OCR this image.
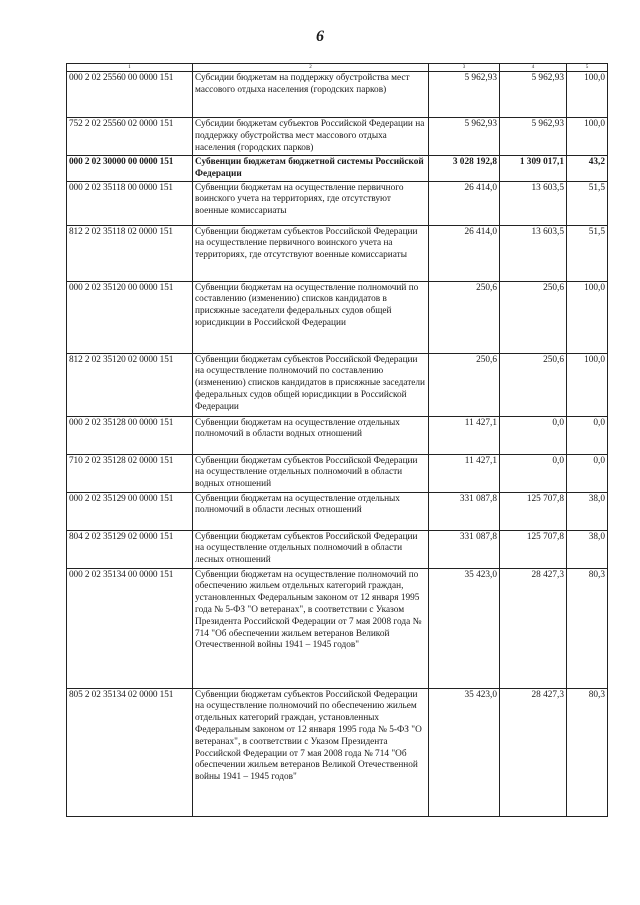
6
1	2	3	4	5
000 2 02 25560 00 0000 151	Субсидии бюджетам на поддержку обустройства мест массового отдыха населения (городских парков)	5 962,93	5 962,93	100,0
752 2 02 25560 02 0000 151	Субсидии бюджетам субъектов Российской Федерации на поддержку обустройства мест массового отдыха населения (городских парков)	5 962,93	5 962,93	100,0
000 2 02 30000 00 0000 151	Субвенции бюджетам бюджетной системы Российской Федерации	3 028 192,8	1 309 017,1	43,2
000 2 02 35118 00 0000 151	Субвенции бюджетам на осуществление первичного воинского учета на территориях, где отсутствуют военные комиссариаты	26 414,0	13 603,5	51,5
812 2 02 35118 02 0000 151	Субвенции бюджетам субъектов Российской Федерации на осуществление первичного воинского учета на территориях, где отсутствуют военные комиссариаты	26 414,0	13 603,5	51,5
000 2 02 35120 00 0000 151	Субвенции бюджетам на осуществление полномочий по составлению (изменению) списков кандидатов в присяжные заседатели федеральных судов общей юрисдикции в Российской Федерации	250,6	250,6	100,0
812 2 02 35120 02 0000 151	Субвенции бюджетам субъектов Российской Федерации на осуществление полномочий по составлению (изменению) списков кандидатов в присяжные заседатели федеральных судов общей юрисдикции в Российской Федерации	250,6	250,6	100,0
000 2 02 35128 00 0000 151	Субвенции бюджетам на осуществление отдельных полномочий в области водных отношений	11 427,1	0,0	0,0
710 2 02 35128 02 0000 151	Субвенции бюджетам субъектов Российской Федерации на осуществление отдельных полномочий в области водных отношений	11 427,1	0,0	0,0
000 2 02 35129 00 0000 151	Субвенции бюджетам на осуществление отдельных полномочий в области лесных отношений	331 087,8	125 707,8	38,0
804 2 02 35129 02 0000 151	Субвенции бюджетам субъектов Российской Федерации на осуществление отдельных полномочий в области лесных отношений	331 087,8	125 707,8	38,0
000 2 02 35134 00 0000 151	Субвенции бюджетам на осуществление полномочий по обеспечению жильем отдельных категорий граждан, установленных Федеральным законом от 12 января 1995 года № 5-ФЗ "О ветеранах", в соответствии с Указом Президента Российской Федерации от 7 мая 2008 года № 714 "Об обеспечении жильем ветеранов Великой Отечественной войны 1941 – 1945 годов"	35 423,0	28 427,3	80,3
805 2 02 35134 02 0000 151	Субвенции бюджетам субъектов Российской Федерации на осуществление полномочий по обеспечению жильем отдельных категорий граждан, установленных Федеральным законом от 12 января 1995 года № 5-ФЗ "О ветеранах", в соответствии с Указом Президента Российской Федерации от 7 мая 2008 года № 714 "Об обеспечении жильем ветеранов Великой Отечественной войны 1941 – 1945 годов"	35 423,0	28 427,3	80,3
